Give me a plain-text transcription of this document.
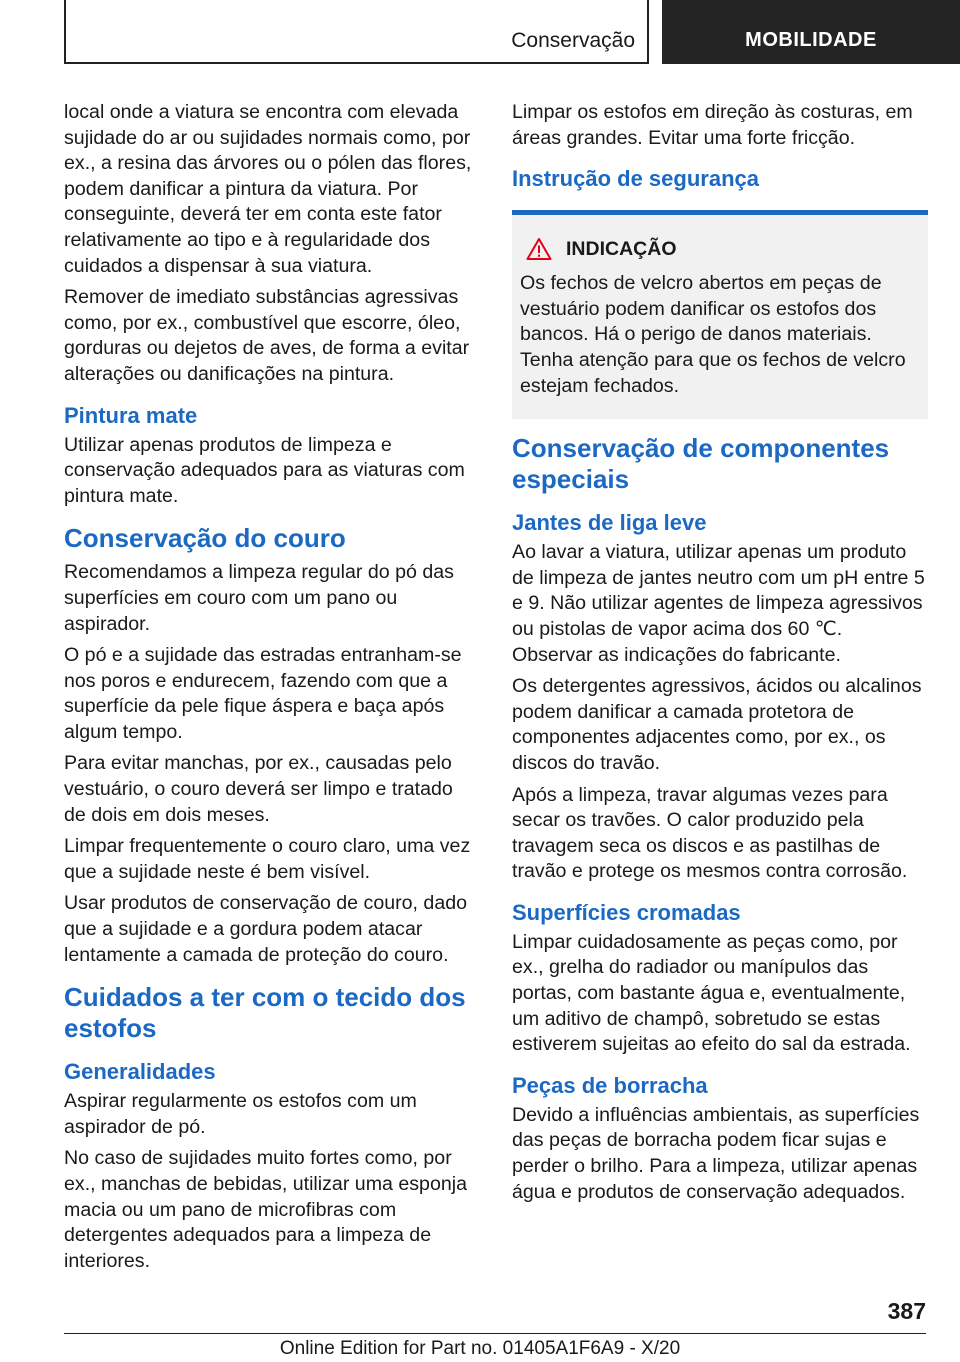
Conservação	MOBILIDADE

local onde a viatura se encontra com elevada sujidade do ar ou sujidades normais como, por ex., a resina das árvores ou o pólen das flores, podem danificar a pintura da viatura. Por conseguinte, deverá ter em conta este fator relativamente ao tipo e à regularidade dos cuidados a dispensar à sua viatura.

Remover de imediato substâncias agressivas como, por ex., combustível que escorre, óleo, gorduras ou dejetos de aves, de forma a evitar alterações ou danificações na pintura.

Pintura mate

Utilizar apenas produtos de limpeza e conservação adequados para as viaturas com pintura mate.

Conservação do couro

Recomendamos a limpeza regular do pó das superfícies em couro com um pano ou aspirador.

O pó e a sujidade das estradas entranham-se nos poros e endurecem, fazendo com que a superfície da pele fique áspera e baça após algum tempo.

Para evitar manchas, por ex., causadas pelo vestuário, o couro deverá ser limpo e tratado de dois em dois meses.

Limpar frequentemente o couro claro, uma vez que a sujidade neste é bem visível.

Usar produtos de conservação de couro, dado que a sujidade e a gordura podem atacar lentamente a camada de proteção do couro.

Cuidados a ter com o tecido dos estofos
Generalidades

Aspirar regularmente os estofos com um aspirador de pó.

No caso de sujidades muito fortes como, por ex., manchas de bebidas, utilizar uma esponja macia ou um pano de microfibras com detergentes adequados para a limpeza de interiores.

Limpar os estofos em direção às costuras, em áreas grandes. Evitar uma forte fricção.

Instrução de segurança
INDICAÇÃO

Os fechos de velcro abertos em peças de vestuário podem danificar os estofos dos bancos. Há o perigo de danos materiais. Tenha atenção para que os fechos de velcro estejam fechados.

Conservação de componentes especiais
Jantes de liga leve

Ao lavar a viatura, utilizar apenas um produto de limpeza de jantes neutro com um pH entre 5 e 9. Não utilizar agentes de limpeza agressivos ou pistolas de vapor acima dos 60 ℃. Observar as indicações do fabricante.

Os detergentes agressivos, ácidos ou alcalinos podem danificar a camada protetora de componentes adjacentes como, por ex., os discos do travão.

Após a limpeza, travar algumas vezes para secar os travões. O calor produzido pela travagem seca os discos e as pastilhas de travão e protege os mesmos contra corrosão.

Superfícies cromadas

Limpar cuidadosamente as peças como, por ex., grelha do radiador ou manípulos das portas, com bastante água e, eventualmente, um aditivo de champô, sobretudo se estas estiverem sujeitas ao efeito do sal da estrada.

Peças de borracha

Devido a influências ambientais, as superfícies das peças de borracha podem ficar sujas e perder o brilho. Para a limpeza, utilizar apenas água e produtos de conservação adequados.

387
Online Edition for Part no. 01405A1F6A9 - X/20
